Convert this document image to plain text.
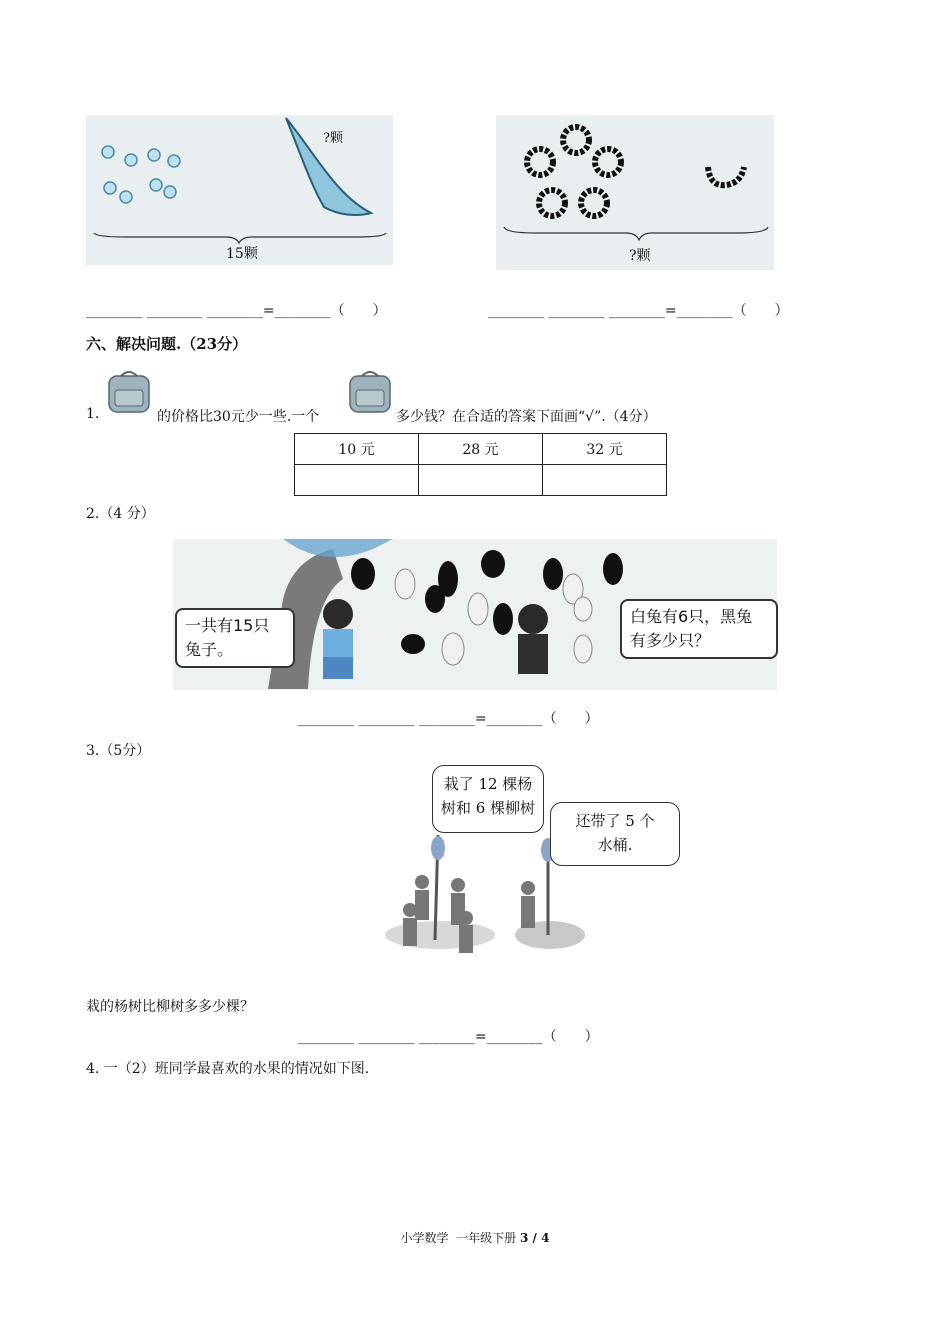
?颗
15颗	?颗
________ ________ ________=________（　　）	________ ________ ________=________（　　）
六、解决问题.（23分）
1.	的价格比30元少一些.一个	多少钱？在合适的答案下面画“√”.（4分）
10 元	28 元	32 元

2.（4 分）
一共有15只
兔子。
白兔有6只，黑兔
有多少只？
________ ________ ________=________（　　）
3.（5分）
栽了 12 棵杨
树和 6 棵柳树
还带了 5 个
水桶.
栽的杨树比柳树多多少棵？
________ ________ ________=________（　　）
4. 一（2）班同学最喜欢的水果的情况如下图.
小学数学  一年级下册 3 / 4
